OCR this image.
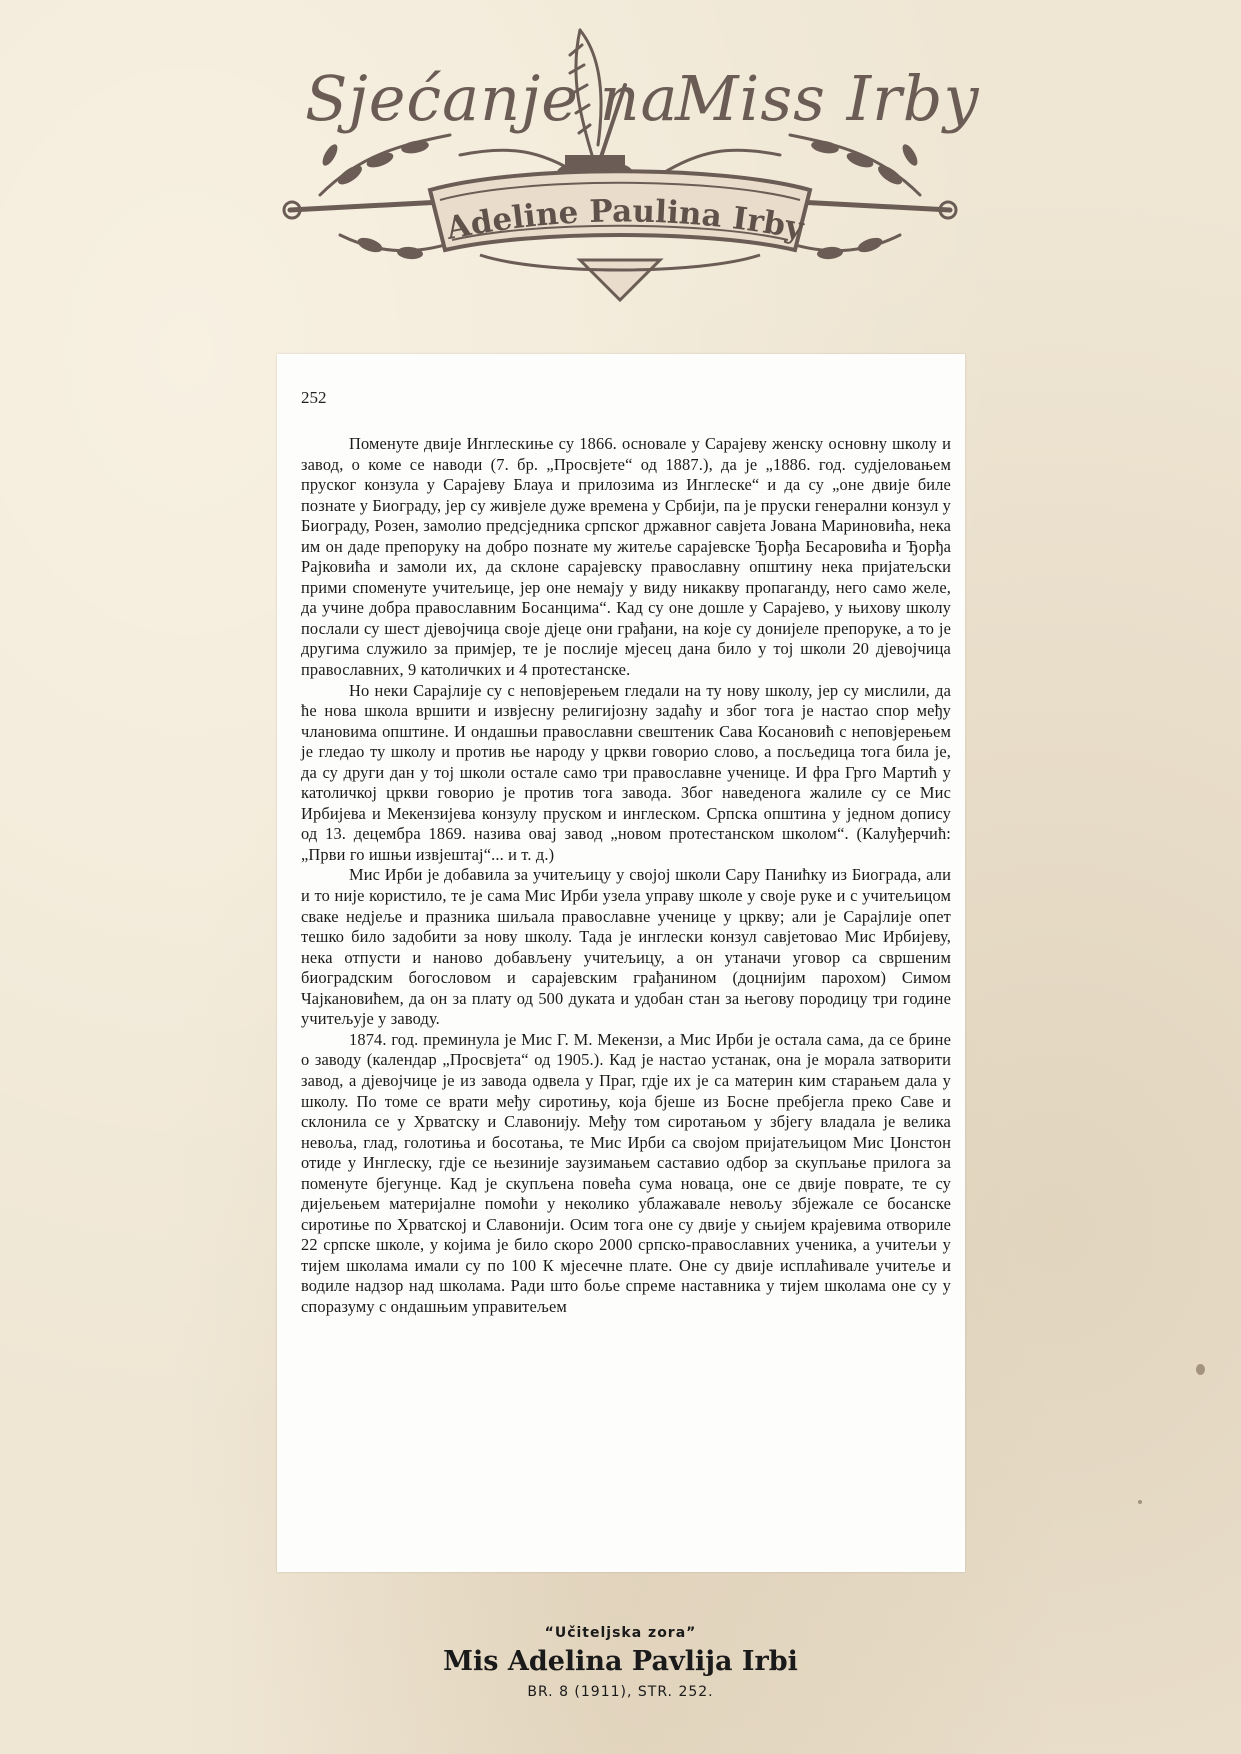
Sjećanje na
Miss Irby
Adeline Paulina Irby
252

Поменуте двије Инглескиње су 1866. основале у Сарајеву женску основну школу и завод, о коме се наводи (7. бр. „Просвјете“ од 1887.), да је „1886. год. судјеловањем пруског конзула у Сарајеву Блауа и прилозима из Инглеске“ и да су „оне двије биле познате у Биограду, јер су живјеле дуже времена у Србији, па је пруски генерални конзул у Биограду, Розен, замолио предсједника српског државног савјета Јована Мариновића, нека им он даде препоруку на добро познате му житеље сарајевске Ђорђа Бесаровића и Ђорђа Рајковића и замоли их, да склоне сарајевску православну општину нека пријатељски прими споменуте учитељице, јер оне немају у виду никакву пропаганду, него само желе, да учине добра православним Босанцима“. Кад су оне дошле у Сарајево, у њихову школу послали су шест дјевојчица своје дјеце они грађани, на које су донијеле препоруке, а то је другима служило за примјер, те је послије мјесец дана било у тој школи 20 дјевојчица православних, 9 католичких и 4 протестанске.

Но неки Сарајлије су с неповјерењем гледали на ту нову школу, јер су мислили, да ће нова школа вршити и извјесну религијозну задаћу и због тога је настао спор међу члановима општине. И ондашњи православни свештеник Сава Косановић с неповјерењем је гледао ту школу и против ње народу у цркви говорио слово, а посљедица тога била је, да су други дан у тој школи остале само три православне ученице. И фра Грго Мартић у католичкој цркви говорио је против тога завода. Због наведенога жалиле су се Мис Ирбијева и Мекензијева конзулу пруском и инглеском. Српска општина у једном допису од 13. децембра 1869. назива овај завод „новом протестанском школом“. (Калуђерчић: „Први го ишњи извјештај“... и т. д.)

Мис Ирби је добавила за учитељицу у својој школи Сару Панићку из Биограда, али и то није користило, те је сама Мис Ирби узела управу школе у своје руке и с учитељицом сваке недјеље и празника шиљала православне ученице у цркву; али је Сарајлије опет тешко било задобити за нову школу. Тада је инглески конзул савјетовао Мис Ирбијеву, нека отпусти и наново добављену учитељицу, а он утаначи уговор са свршеним биоградским богословом и сарајевским грађанином (доцнијим парохом) Симом Чајкановићем, да он за плату од 500 дуката и удобан стан за његову породицу три године учитељује у заводу.

1874. год. преминула је Мис Г. М. Мекензи, а Мис Ирби је остала сама, да се брине о заводу (календар „Просвјета“ од 1905.). Кад је настао устанак, она је морала затворити завод, а дјевојчице је из завода одвела у Праг, гдје их је са материн ким старањем дала у школу. По томе се врати међу сиротињу, која бјеше из Босне пребјегла преко Саве и склонила се у Хрватску и Славонију. Међу том сиротањом у збјегу владала је велика невоља, глад, голотиња и босотања, те Мис Ирби са својом пријатељицом Мис Џонстон отиде у Инглеску, гдје се њезиније заузимањем саставио одбор за скупљање прилога за поменуте бјегунце. Кад је скупљена повећа сума новаца, оне се двије поврате, те су дијељењем материјалне помоћи у неколико ублажавале невољу збјежале се босанске сиротиње по Хрватској и Славонији. Осим тога оне су двије у сњијем крајевима отвориле 22 српске школе, у којима је било скоро 2000 српско-православних ученика, а учитељи у тијем школама имали су по 100 К мјесечне плате. Оне су двије исплаћивале учитеље и водиле надзор над школама. Ради што боље спреме наставника у тијем школама оне су у споразуму с ондашњим управитељем

“Učiteljska zora”
Mis Adelina Pavlija Irbi
BR. 8 (1911), STR. 252.
